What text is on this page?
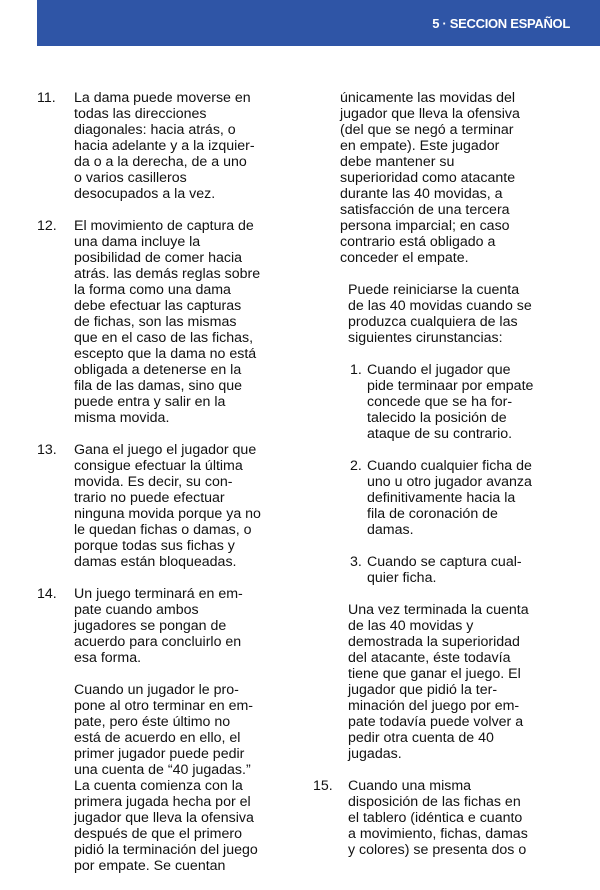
5 · SECCION ESPAÑOL
11. La dama puede moverse en
todas las direcciones
diagonales: hacia atrás, o
hacia adelante y a la izquier-
da o a la derecha, de a uno
o varios casilleros
desocupados a la vez.
12. El movimiento de captura de
una dama incluye la
posibilidad de comer hacia
atrás. las demás reglas sobre
la forma como una dama
debe efectuar las capturas
de fichas, son las mismas
que en el caso de las fichas,
escepto que la dama no está
obligada a detenerse en la
fila de las damas, sino que
puede entra y salir en la
misma movida.
13. Gana el juego el jugador que
consigue efectuar la última
movida. Es decir, su con-
trario no puede efectuar
ninguna movida porque ya no
le quedan fichas o damas, o
porque todas sus fichas y
damas están bloqueadas.
14. Un juego terminará en em-
pate cuando ambos
jugadores se pongan de
acuerdo para concluirlo en
esa forma.
Cuando un jugador le pro-
pone al otro terminar en em-
pate, pero éste último no
está de acuerdo en ello, el
primer jugador puede pedir
una cuenta de “40 jugadas.”
La cuenta comienza con la
primera jugada hecha por el
jugador que lleva la ofensiva
después de que el primero
pidió la terminación del juego
por empate. Se cuentan
únicamente las movidas del
jugador que lleva la ofensiva
(del que se negó a terminar
en empate). Este jugador
debe mantener su
superioridad como atacante
durante las 40 movidas, a
satisfacción de una tercera
persona imparcial; en caso
contrario está obligado a
conceder el empate.
Puede reiniciarse la cuenta
de las 40 movidas cuando se
produzca cualquiera de las
siguientes cirunstancias:
1. Cuando el jugador que
pide terminaar por empate
concede que se ha for-
talecido la posición de
ataque de su contrario.
2. Cuando cualquier ficha de
uno u otro jugador avanza
definitivamente hacia la
fila de coronación de
damas.
3. Cuando se captura cual-
quier ficha.
Una vez terminada la cuenta
de las 40 movidas y
demostrada la superioridad
del atacante, éste todavía
tiene que ganar el juego. El
jugador que pidió la ter-
minación del juego por em-
pate todavía puede volver a
pedir otra cuenta de 40
jugadas.
15. Cuando una misma
disposición de las fichas en
el tablero (idéntica e cuanto
a movimiento, fichas, damas
y colores) se presenta dos o
